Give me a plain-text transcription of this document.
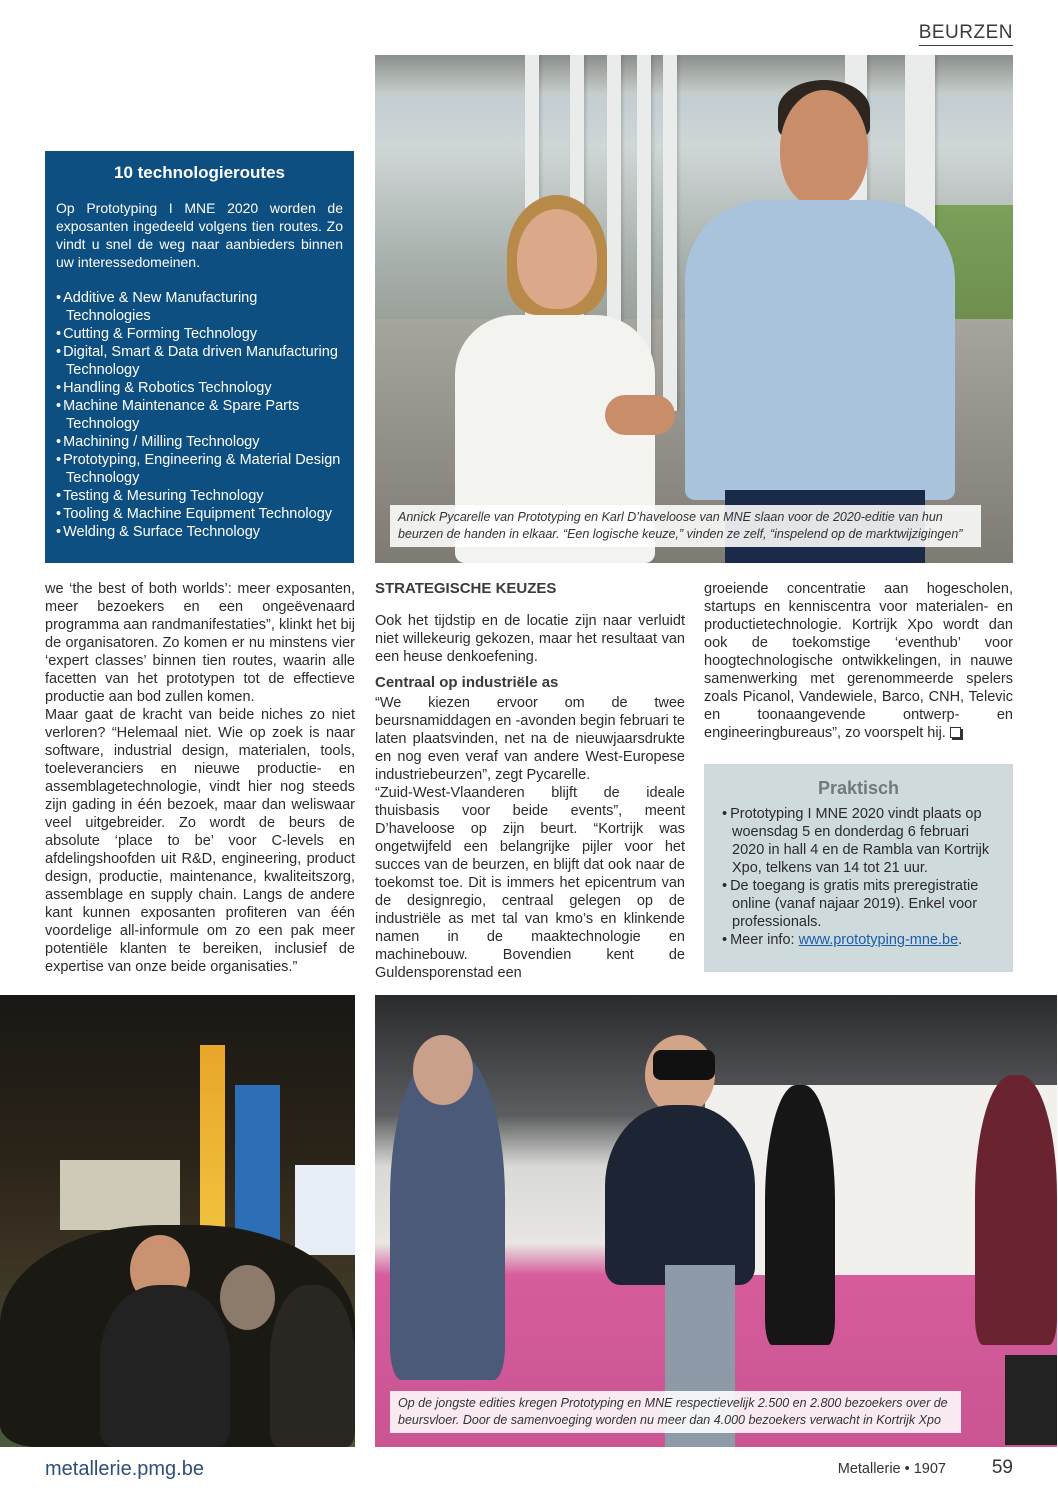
BEURZEN
Annick Pycarelle van Prototyping en Karl D’haveloose van MNE slaan voor de 2020-editie van hun beurzen de handen in elkaar. “Een logische keuze,” vinden ze zelf, “inspelend op de marktwijzigingen”
10 technologieroutes

Op Prototyping I MNE 2020 worden de exposanten ingedeeld volgens tien routes. Zo vindt u snel de weg naar aanbieders binnen uw interessedomeinen.

• Additive & New Manufacturing Technologies
• Cutting & Forming Technology
• Digital, Smart & Data driven Manufacturing Technology
• Handling & Robotics Technology
• Machine Maintenance & Spare Parts Technology
• Machining / Milling Technology
• Prototyping, Engineering & Material Design Technology
• Testing & Mesuring Technology
• Tooling & Machine Equipment Technology
• Welding & Surface Technology

we ‘the best of both worlds’: meer exposanten, meer bezoekers en een ongeëvenaard programma aan randmanifestaties”, klinkt het bij de organisatoren. Zo komen er nu minstens vier ‘expert classes’ binnen tien routes, waarin alle facetten van het prototypen tot de effectieve productie aan bod zullen komen.

Maar gaat de kracht van beide niches zo niet verloren? “Helemaal niet. Wie op zoek is naar software, industrial design, materialen, tools, toeleveranciers en nieuwe productie- en assemblagetechnologie, vindt hier nog steeds zijn gading in één bezoek, maar dan weliswaar veel uitgebreider. Zo wordt de beurs de absolute ‘place to be’ voor C-levels en afdelingshoofden uit R&D, engineering, product design, productie, maintenance, kwaliteitszorg, assemblage en supply chain. Langs de andere kant kunnen exposanten profiteren van één voordelige all-informule om zo een pak meer potentiële klanten te bereiken, inclusief de expertise van onze beide organisaties.”

STRATEGISCHE KEUZES

Ook het tijdstip en de locatie zijn naar verluidt niet willekeurig gekozen, maar het resultaat van een heuse denkoefening.

Centraal op industriële as

“We kiezen ervoor om de twee beursnamiddagen en -avonden begin februari te laten plaatsvinden, net na de nieuwjaarsdrukte en nog even veraf van andere West-Europese industriebeurzen”, zegt Pycarelle.

“Zuid-West-Vlaanderen blijft de ideale thuisbasis voor beide events”, meent D’haveloose op zijn beurt. “Kortrijk was ongetwijfeld een belangrijke pijler voor het succes van de beurzen, en blijft dat ook naar de toekomst toe. Dit is immers het epicentrum van de designregio, centraal gelegen op de industriële as met tal van kmo’s en klinkende namen in de maaktechnologie en machinebouw. Bovendien kent de Guldensporenstad een

groeiende concentratie aan hogescholen, startups en kenniscentra voor materialen- en productietechnologie. Kortrijk Xpo wordt dan ook de toekomstige ‘eventhub’ voor hoogtechnologische ontwikkelingen, in nauwe samenwerking met gerenommeerde spelers zoals Picanol, Vandewiele, Barco, CNH, Televic en toonaangevende ontwerp- en engineeringbureaus”, zo voorspelt hij.

Praktisch
• Prototyping I MNE 2020 vindt plaats op woensdag 5 en donderdag 6 februari 2020 in hall 4 en de Rambla van Kortrijk Xpo, telkens van 14 tot 21 uur.
• De toegang is gratis mits preregistratie online (vanaf najaar 2019). Enkel voor professionals.
• Meer info: www.prototyping-mne.be.
Op de jongste edities kregen Prototyping en MNE respectievelijk 2.500 en 2.800 bezoekers over de beursvloer. Door de samenvoeging worden nu meer dan 4.000 bezoekers verwacht in Kortrijk Xpo
metallerie.pmg.be	Metallerie • 1907 59
